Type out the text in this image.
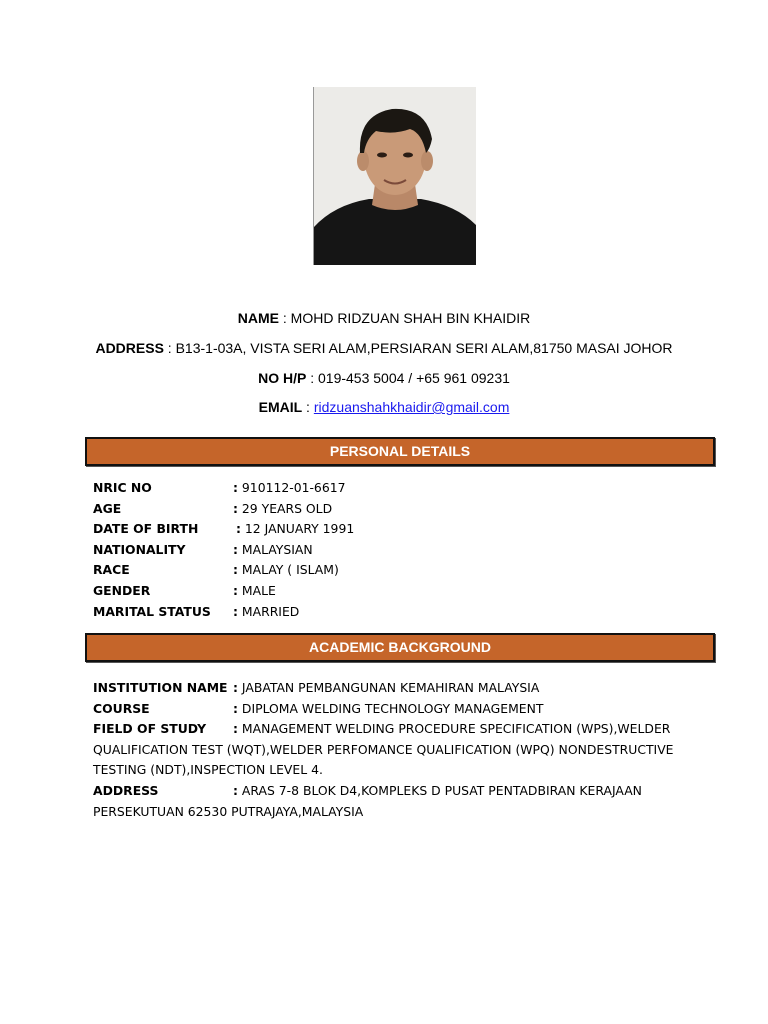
NAME : MOHD RIDZUAN SHAH BIN KHAIDIR
ADDRESS : B13-1-03A, VISTA SERI ALAM,PERSIARAN SERI ALAM,81750 MASAI JOHOR
NO H/P : 019-453 5004 / +65 961 09231
EMAIL : ridzuanshahkhaidir@gmail.com
PERSONAL DETAILS
NRIC NO	: 910112-01-6617
AGE	: 29 YEARS OLD
DATE OF BIRTH	: 12 JANUARY 1991
NATIONALITY	: MALAYSIAN
RACE	: MALAY ( ISLAM)
GENDER	: MALE
MARITAL STATUS : MARRIED
ACADEMIC BACKGROUND
INSTITUTION NAME : JABATAN PEMBANGUNAN KEMAHIRAN MALAYSIA
COURSE	: DIPLOMA WELDING TECHNOLOGY MANAGEMENT
FIELD OF STUDY : MANAGEMENT WELDING PROCEDURE SPECIFICATION (WPS),WELDER QUALIFICATION TEST (WQT),WELDER PERFOMANCE QUALIFICATION (WPQ) NONDESTRUCTIVE TESTING (NDT),INSPECTION LEVEL 4.
ADDRESS	: ARAS 7-8 BLOK D4,KOMPLEKS D PUSAT PENTADBIRAN KERAJAAN PERSEKUTUAN 62530 PUTRAJAYA,MALAYSIA
